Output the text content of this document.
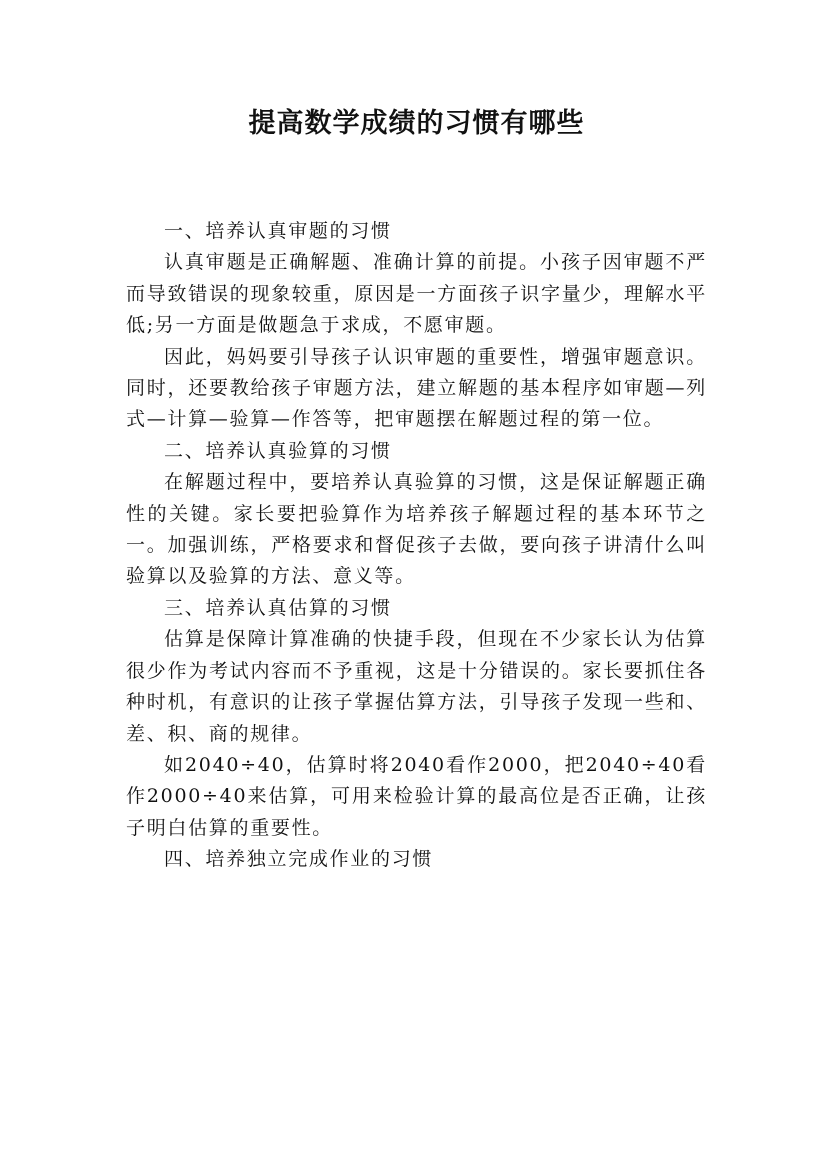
提高数学成绩的习惯有哪些

一、培养认真审题的习惯

认真审题是正确解题、准确计算的前提。小孩子因审题不严而导致错误的现象较重，原因是一方面孩子识字量少，理解水平低;另一方面是做题急于求成，不愿审题。

因此，妈妈要引导孩子认识审题的重要性，增强审题意识。同时，还要教给孩子审题方法，建立解题的基本程序如审题—列式—计算—验算—作答等，把审题摆在解题过程的第一位。

二、培养认真验算的习惯

在解题过程中，要培养认真验算的习惯，这是保证解题正确性的关键。家长要把验算作为培养孩子解题过程的基本环节之一。加强训练，严格要求和督促孩子去做，要向孩子讲清什么叫验算以及验算的方法、意义等。

三、培养认真估算的习惯

估算是保障计算准确的快捷手段，但现在不少家长认为估算很少作为考试内容而不予重视，这是十分错误的。家长要抓住各种时机，有意识的让孩子掌握估算方法，引导孩子发现一些和、差、积、商的规律。

如2040÷40，估算时将2040看作2000，把2040÷40看作2000÷40来估算，可用来检验计算的最高位是否正确，让孩子明白估算的重要性。

四、培养独立完成作业的习惯
